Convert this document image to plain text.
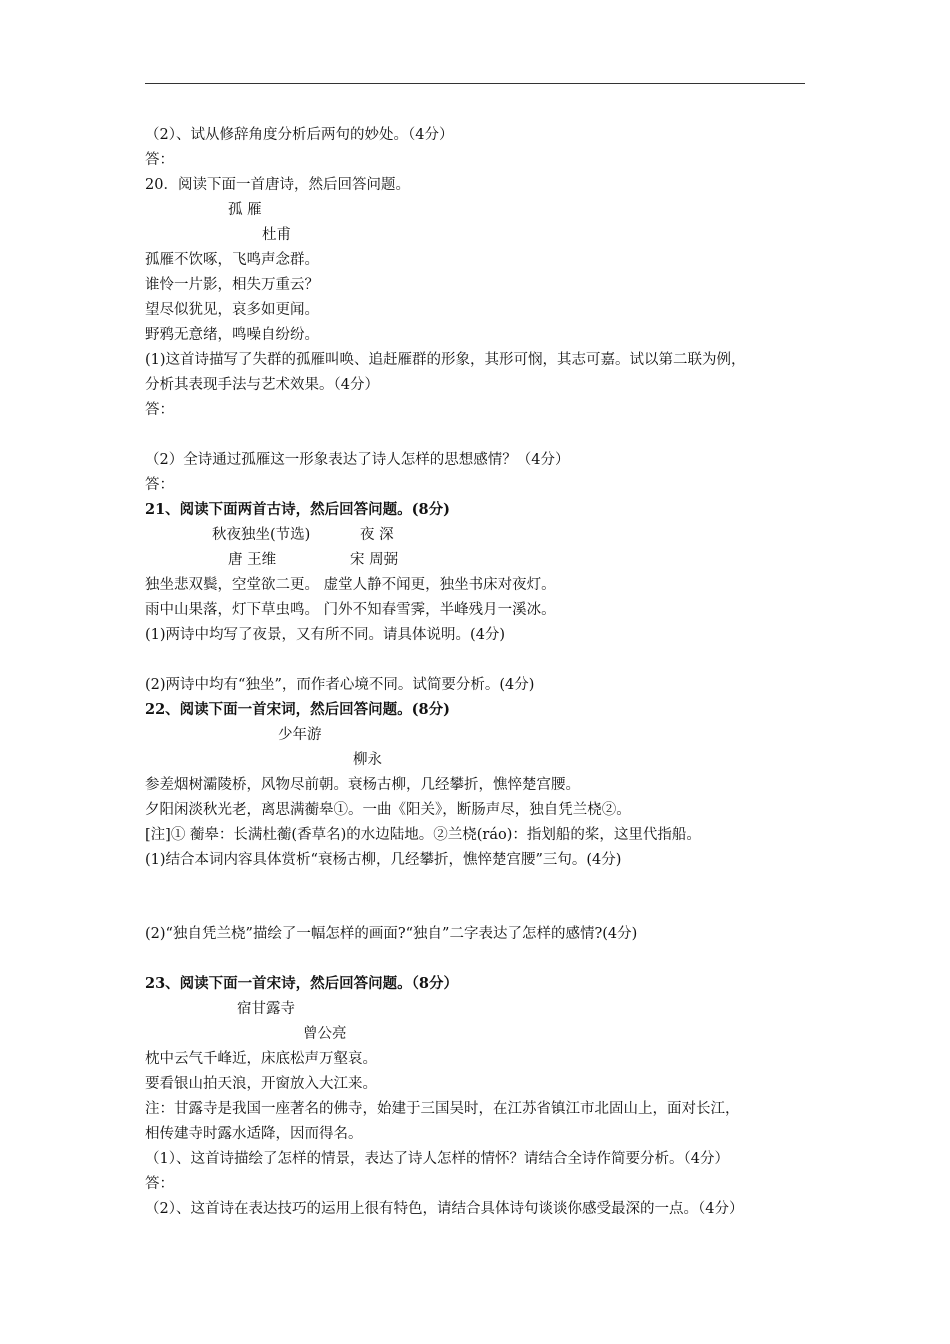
（2）、试从修辞角度分析后两句的妙处。（4分）
答：
20．阅读下面一首唐诗，然后回答问题。
孤 雁
杜甫
孤雁不饮啄，飞鸣声念群。
谁怜一片影，相失万重云？
望尽似犹见，哀多如更闻。
野鸦无意绪，鸣噪自纷纷。
(1)这首诗描写了失群的孤雁叫唤、追赶雁群的形象，其形可悯，其志可嘉。试以第二联为例，
分析其表现手法与艺术效果。（4分）
答：
（2）全诗通过孤雁这一形象表达了诗人怎样的思想感情？（4分）
答：
21、阅读下面两首古诗，然后回答问题。(8分)
秋夜独坐(节选)	夜 深
唐 王维	宋 周弼
独坐悲双鬓，空堂欲二更。 虚堂人静不闻更，独坐书床对夜灯。
雨中山果落，灯下草虫鸣。 门外不知春雪霁，半峰残月一溪冰。
(1)两诗中均写了夜景，又有所不同。请具体说明。(4分)
(2)两诗中均有“独坐”，而作者心境不同。试简要分析。(4分)
22、阅读下面一首宋词，然后回答问题。(8分)
少年游
柳永
参差烟树灞陵桥，风物尽前朝。衰杨古柳，几经攀折，憔悴楚宫腰。
夕阳闲淡秋光老，离思满蘅皋①。一曲《阳关》，断肠声尽，独自凭兰桡②。
[注]① 蘅皋：长满杜蘅(香草名)的水边陆地。②兰桡(ráo)：指划船的桨，这里代指船。
(1)结合本词内容具体赏析“衰杨古柳，几经攀折，憔悴楚宫腰”三句。(4分)
(2)“独自凭兰桡”描绘了一幅怎样的画面?“独自”二字表达了怎样的感情?(4分)
23、阅读下面一首宋诗，然后回答问题。（8分）
宿甘露寺
曾公亮
枕中云气千峰近，床底松声万壑哀。
要看银山拍天浪，开窗放入大江来。
注：甘露寺是我国一座著名的佛寺，始建于三国吴时，在江苏省镇江市北固山上，面对长江，
相传建寺时露水适降，因而得名。
（1）、这首诗描绘了怎样的情景，表达了诗人怎样的情怀？请结合全诗作简要分析。（4分）
答：
（2）、这首诗在表达技巧的运用上很有特色，请结合具体诗句谈谈你感受最深的一点。（4分）
